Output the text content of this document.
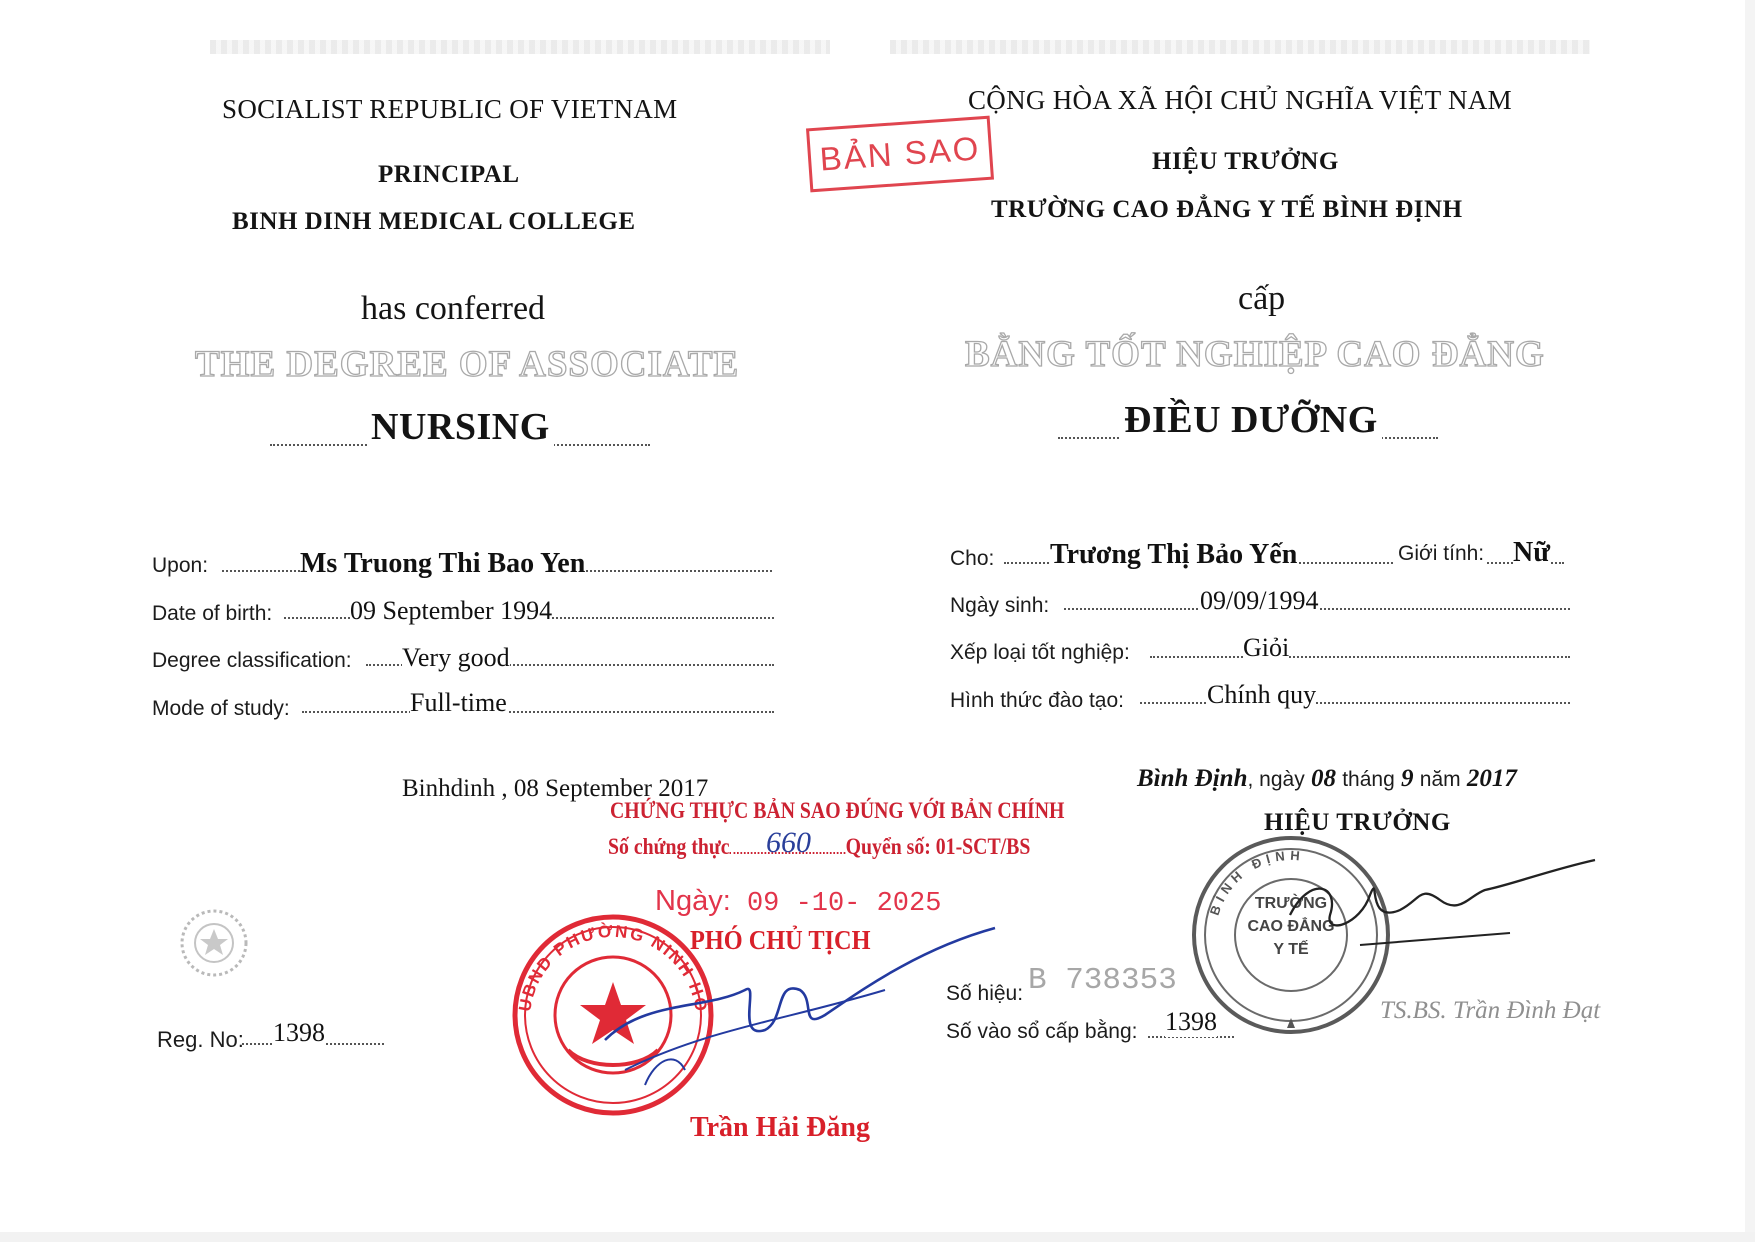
SOCIALIST REPUBLIC OF VIETNAM
PRINCIPAL
BINH DINH MEDICAL COLLEGE
has conferred
THE DEGREE OF ASSOCIATE
NURSING
Upon:	Ms Truong Thi Bao Yen
Date of birth:	09 September 1994
Degree classification: Very good
Mode of study:	Full-time
Binhdinh , 08 September 2017
Reg. No: 1398
CỘNG HÒA XÃ HỘI CHỦ NGHĨA VIỆT NAM
HIỆU TRƯỞNG
TRƯỜNG CAO ĐẲNG Y TẾ BÌNH ĐỊNH
cấp
BẰNG TỐT NGHIỆP CAO ĐẲNG
ĐIỀU DƯỠNG
Cho: Trương Thị Bảo Yến	Giới tính: Nữ
Ngày sinh:	09/09/1994
Xếp loại tốt nghiệp:	Giỏi
Hình thức đào tạo:	Chính quy
Bình Định, ngày 08 tháng 9 năm 2017
HIỆU TRƯỞNG
Số hiệu: B 738353
Số vào sổ cấp bằng: 1398
BÌNH ĐỊNH
TRƯỜNG
CAO ĐẲNG
Y TẾ
TS.BS. Trần Đình Đạt
BẢN SAO
CHỨNG THỰC BẢN SAO ĐÚNG VỚI BẢN CHÍNH
Số chứng thực	Quyển số: 01-SCT/BS
660
Ngày: 09 -10- 2025
UBND PHƯỜNG NINH HÒ
PHÓ CHỦ TỊCH
Trần Hải Đăng
